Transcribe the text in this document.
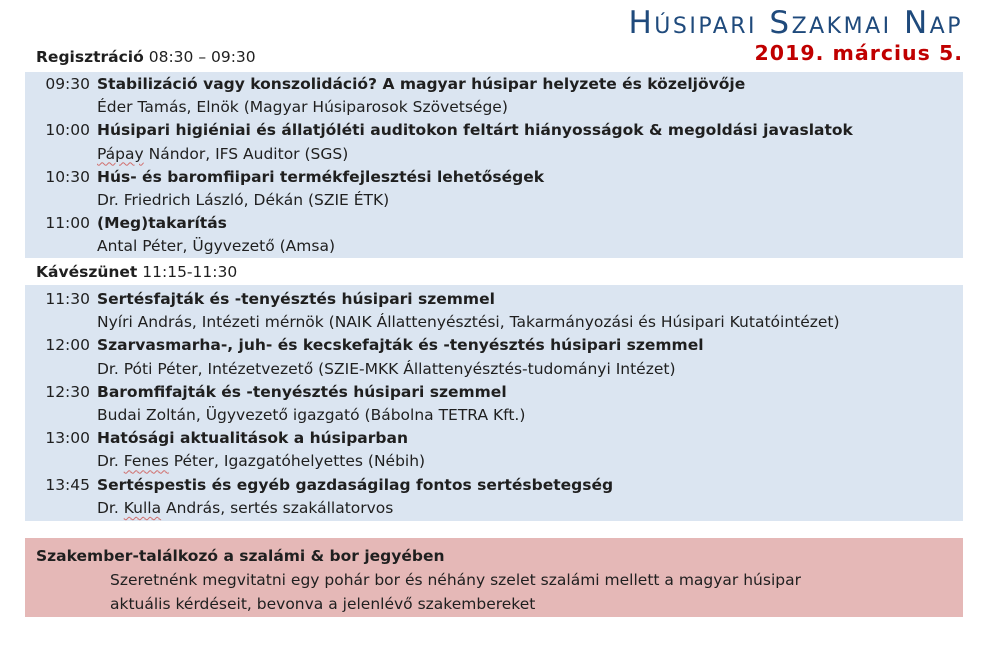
Húsipari Szakmai Nap
2019. március 5.
Regisztráció 08:30 – 09:30
09:30 Stabilizáció vagy konszolidáció? A magyar húsipar helyzete és közeljövője
Éder Tamás, Elnök (Magyar Húsiparosok Szövetsége)
10:00 Húsipari higiéniai és állatjóléti auditokon feltárt hiányosságok & megoldási javaslatok
Pápay Nándor, IFS Auditor (SGS)
10:30 Hús- és baromfiipari termékfejlesztési lehetőségek
Dr. Friedrich László, Dékán (SZIE ÉTK)
11:00 (Meg)takarítás
Antal Péter, Ügyvezető (Amsa)
Kávészünet 11:15-11:30
11:30 Sertésfajták és -tenyésztés húsipari szemmel
Nyíri András, Intézeti mérnök (NAIK Állattenyésztési, Takarmányozási és Húsipari Kutatóintézet)
12:00 Szarvasmarha-, juh- és kecskefajták és -tenyésztés húsipari szemmel
Dr. Póti Péter, Intézetvezető (SZIE-MKK Állattenyésztés-tudományi Intézet)
12:30 Baromfifajták és -tenyésztés húsipari szemmel
Budai Zoltán, Ügyvezető igazgató (Bábolna TETRA Kft.)
13:00 Hatósági aktualitások a húsiparban
Dr. Fenes Péter, Igazgatóhelyettes (Nébih)
13:45 Sertéspestis és egyéb gazdaságilag fontos sertésbetegség
Dr. Kulla András, sertés szakállatorvos
Szakember-találkozó a szalámi & bor jegyében
Szeretnénk megvitatni egy pohár bor és néhány szelet szalámi mellett a magyar húsipar
aktuális kérdéseit, bevonva a jelenlévő szakembereket
